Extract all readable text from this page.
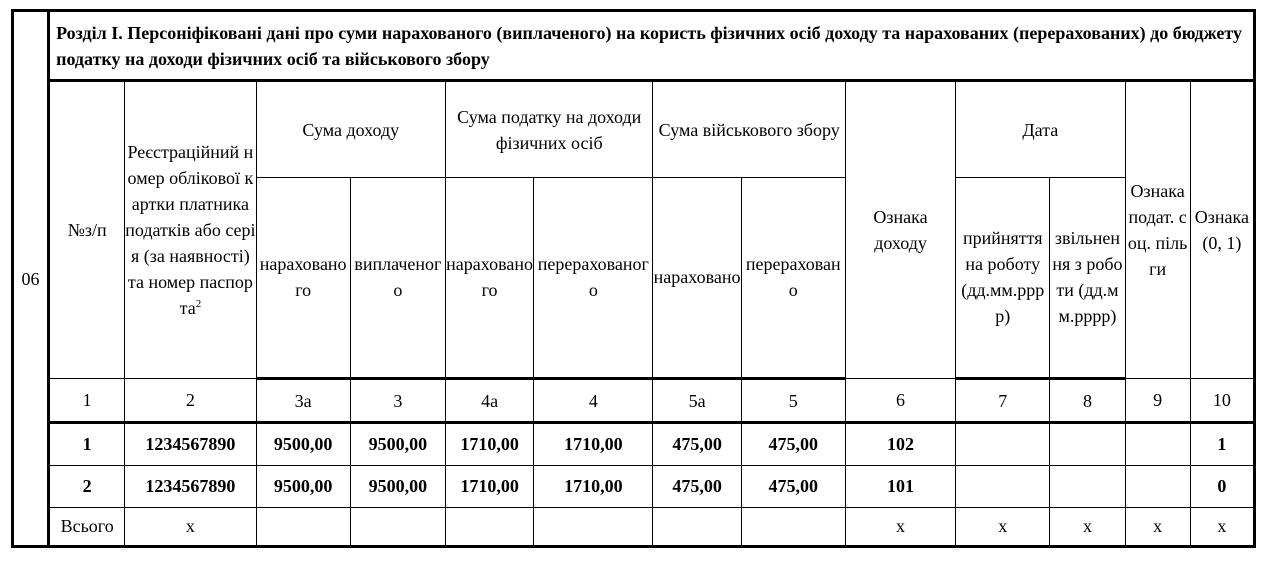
06	Розділ І. Персоніфіковані дані про суми нарахованого (виплаченого) на користь фізичних осіб доходу та нарахованих (перерахованих) до бюджету податку на доходи фізичних осіб та військового збору												
	№з/п	Реєстраційний номер облікової картки платника податків або серія (за наявності) та номер паспорта$^2$	Сума доходу		Сума податку на доходи фізичних осіб		Сума військового збору		Ознака доходу	Дата		Ознака подат. соц. пільги	Ознака (0, 1)
			нарахованого	виплаченого	нарахованого	перерахованого	нараховано	перераховано		прийняття на роботу (дд.мм.рррр)	звільнення з роботи (дд.мм.рррр)		
	1	2	3а	3	4а	4	5а	5	6	7	8	9	10
	1	1234567890	9500,00	9500,00	1710,00	1710,00	475,00	475,00	102				1
	2	1234567890	9500,00	9500,00	1710,00	1710,00	475,00	475,00	101				0
	Всього	x							x	x	x	x	x
